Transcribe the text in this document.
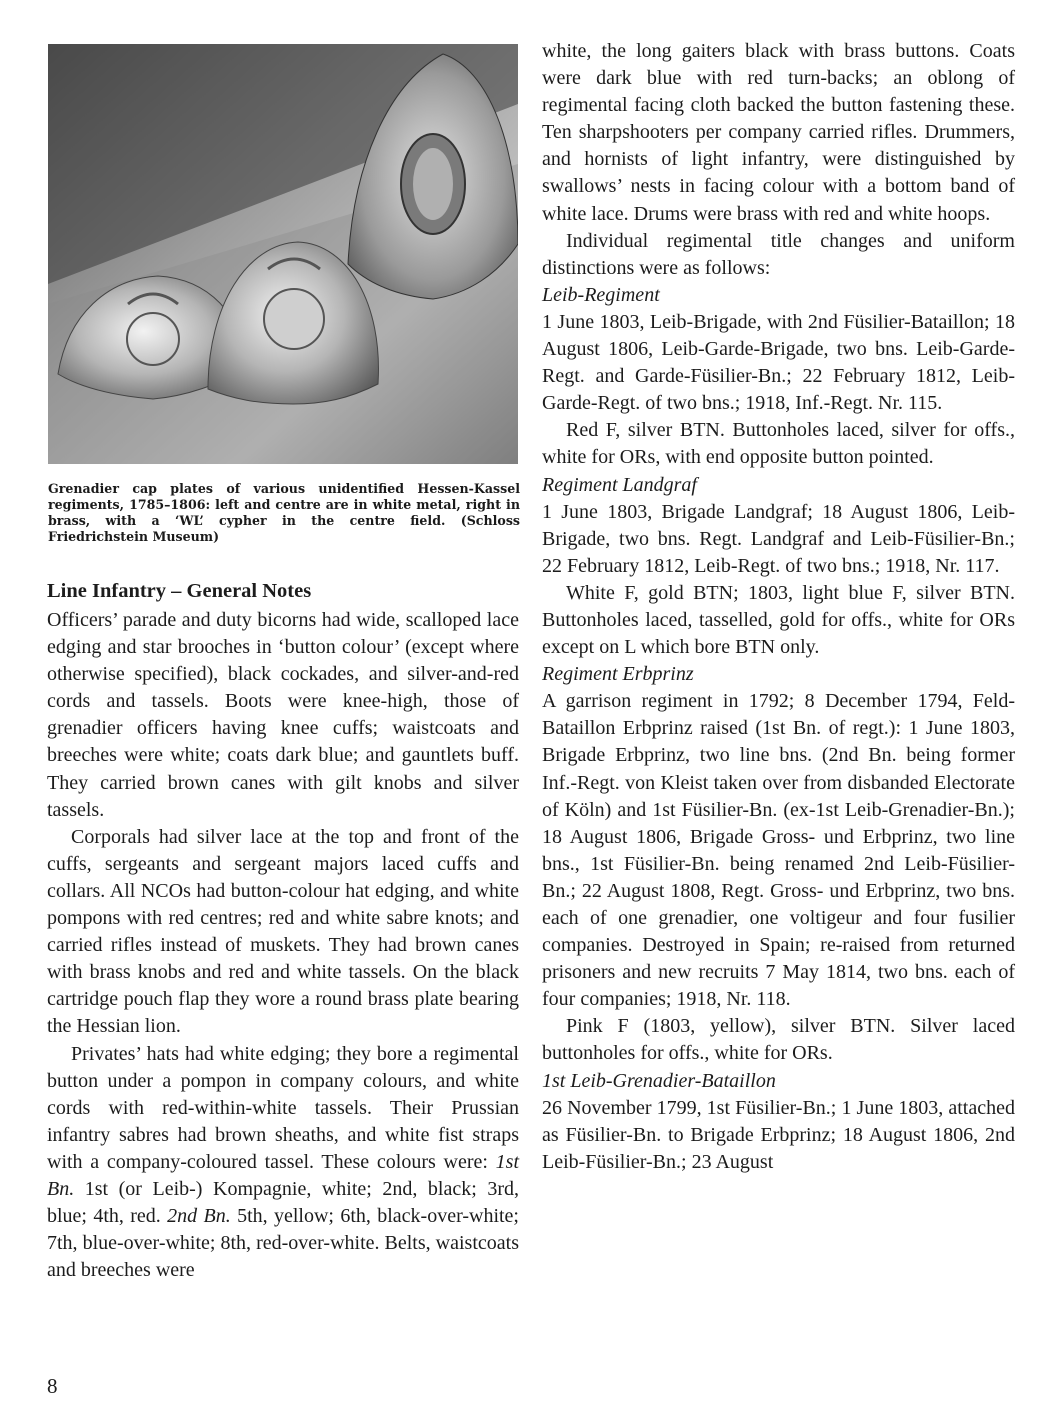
Grenadier cap plates of various unidentified Hessen-Kassel regiments, 1785–1806: left and centre are in white metal, right in brass, with a ‘WL’ cypher in the centre field. (Schloss Friedrichstein Museum)
Line Infantry – General Notes

Officers’ parade and duty bicorns had wide, scalloped lace edging and star brooches in ‘button colour’ (except where otherwise specified), black cockades, and silver-and-red cords and tassels. Boots were knee-high, those of grenadier officers having knee cuffs; waistcoats and breeches were white; coats dark blue; and gauntlets buff. They carried brown canes with gilt knobs and silver tassels.

Corporals had silver lace at the top and front of the cuffs, sergeants and sergeant majors laced cuffs and collars. All NCOs had button-colour hat edging, and white pompons with red centres; red and white sabre knots; and carried rifles instead of muskets. They had brown canes with brass knobs and red and white tassels. On the black cartridge pouch flap they wore a round brass plate bearing the Hessian lion.

Privates’ hats had white edging; they bore a regimental button under a pompon in company colours, and white cords with red-within-white tassels. Their Prussian infantry sabres had brown sheaths, and white fist straps with a company-coloured tassel. These colours were: 1st Bn. 1st (or Leib-) Kompagnie, white; 2nd, black; 3rd, blue; 4th, red. 2nd Bn. 5th, yellow; 6th, black-over-white; 7th, blue-over-white; 8th, red-over-white. Belts, waistcoats and breeches were

white, the long gaiters black with brass buttons. Coats were dark blue with red turn-backs; an oblong of regimental facing cloth backed the button fastening these. Ten sharpshooters per company carried rifles. Drummers, and hornists of light infantry, were distinguished by swallows’ nests in facing colour with a bottom band of white lace. Drums were brass with red and white hoops.

Individual regimental title changes and uniform distinctions were as follows:

Leib-Regiment

1 June 1803, Leib-Brigade, with 2nd Füsilier-Bataillon; 18 August 1806, Leib-Garde-Brigade, two bns. Leib-Garde-Regt. and Garde-Füsilier-Bn.; 22 February 1812, Leib-Garde-Regt. of two bns.; 1918, Inf.-Regt. Nr. 115.

Red F, silver BTN. Buttonholes laced, silver for offs., white for ORs, with end opposite button pointed.

Regiment Landgraf

1 June 1803, Brigade Landgraf; 18 August 1806, Leib-Brigade, two bns. Regt. Landgraf and Leib-Füsilier-Bn.; 22 February 1812, Leib-Regt. of two bns.; 1918, Nr. 117.

White F, gold BTN; 1803, light blue F, silver BTN. Buttonholes laced, tasselled, gold for offs., white for ORs except on L which bore BTN only.

Regiment Erbprinz

A garrison regiment in 1792; 8 December 1794, Feld-Bataillon Erbprinz raised (1st Bn. of regt.): 1 June 1803, Brigade Erbprinz, two line bns. (2nd Bn. being former Inf.-Regt. von Kleist taken over from disbanded Electorate of Köln) and 1st Füsilier-Bn. (ex-1st Leib-Grenadier-Bn.); 18 August 1806, Brigade Gross- und Erbprinz, two line bns., 1st Füsilier-Bn. being renamed 2nd Leib-Füsilier-Bn.; 22 August 1808, Regt. Gross- und Erbprinz, two bns. each of one grenadier, one voltigeur and four fusilier companies. Destroyed in Spain; re-raised from returned prisoners and new recruits 7 May 1814, two bns. each of four companies; 1918, Nr. 118.

Pink F (1803, yellow), silver BTN. Silver laced buttonholes for offs., white for ORs.

1st Leib-Grenadier-Bataillon

26 November 1799, 1st Füsilier-Bn.; 1 June 1803, attached as Füsilier-Bn. to Brigade Erbprinz; 18 August 1806, 2nd Leib-Füsilier-Bn.; 23 August

8
